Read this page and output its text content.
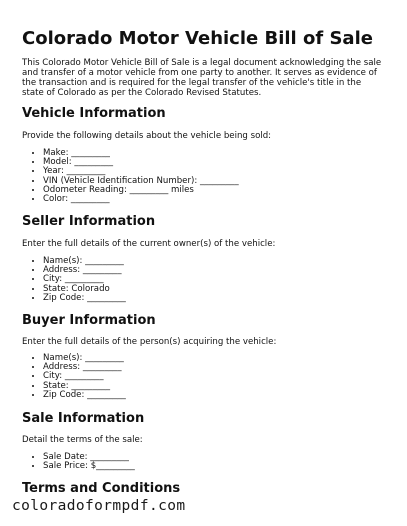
Colorado Motor Vehicle Bill of Sale

This Colorado Motor Vehicle Bill of Sale is a legal document acknowledging the sale and transfer of a motor vehicle from one party to another. It serves as evidence of the transaction and is required for the legal transfer of the vehicle's title in the state of Colorado as per the Colorado Revised Statutes.

Vehicle Information

Provide the following details about the vehicle being sold:

• Make: _________
• Model: _________
• Year: _________
• VIN (Vehicle Identification Number): _________
• Odometer Reading: _________ miles
• Color: _________
Seller Information

Enter the full details of the current owner(s) of the vehicle:

• Name(s): _________
• Address: _________
• City: _________
• State: Colorado
• Zip Code: _________
Buyer Information

Enter the full details of the person(s) acquiring the vehicle:

• Name(s): _________
• Address: _________
• City: _________
• State: _________
• Zip Code: _________
Sale Information

Detail the terms of the sale:

• Sale Date: _________
• Sale Price: $_________
Terms and Conditions
coloradoformpdf.com
